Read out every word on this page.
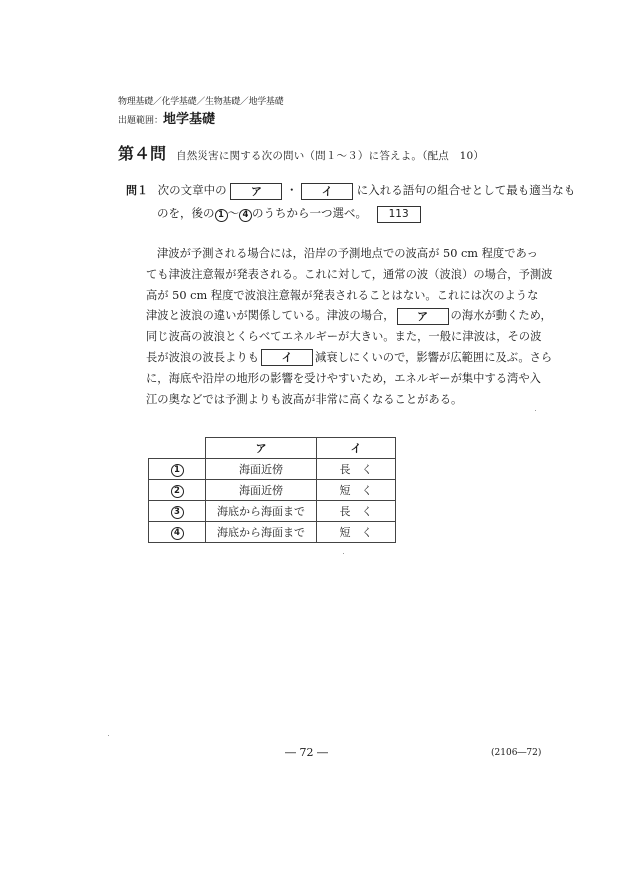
物理基礎／化学基礎／生物基礎／地学基礎
出題範囲：地学基礎
第４問 自然災害に関する次の問い（問１～３）に答えよ。（配点　10）
問１ 次の文章中の ア ・ イ に入れる語句の組合せとして最も適当なも
のを，後の 1 ～ 4 のうちから一つ選べ。 113
津波が予測される場合には，沿岸の予測地点での波高が 50 cm 程度であっ
ても津波注意報が発表される。これに対して，通常の波（波浪）の場合，予測波
高が 50 cm 程度で波浪注意報が発表されることはない。これには次のような
津波と波浪の違いが関係している。津波の場合， ア の海水が動くため，
同じ波高の波浪とくらべてエネルギーが大きい。また，一般に津波は，その波
長が波浪の波長よりも イ 減衰しにくいので，影響が広範囲に及ぶ。さら
に，海底や沿岸の地形の影響を受けやすいため，エネルギーが集中する湾や入
江の奥などでは予測よりも波高が非常に高くなることがある。
	ア	イ
1	海面近傍	長　く
2	海面近傍	短　く
3	海底から海面まで	長　く
4	海底から海面まで	短　く
― 72 ―	(2106―72)
